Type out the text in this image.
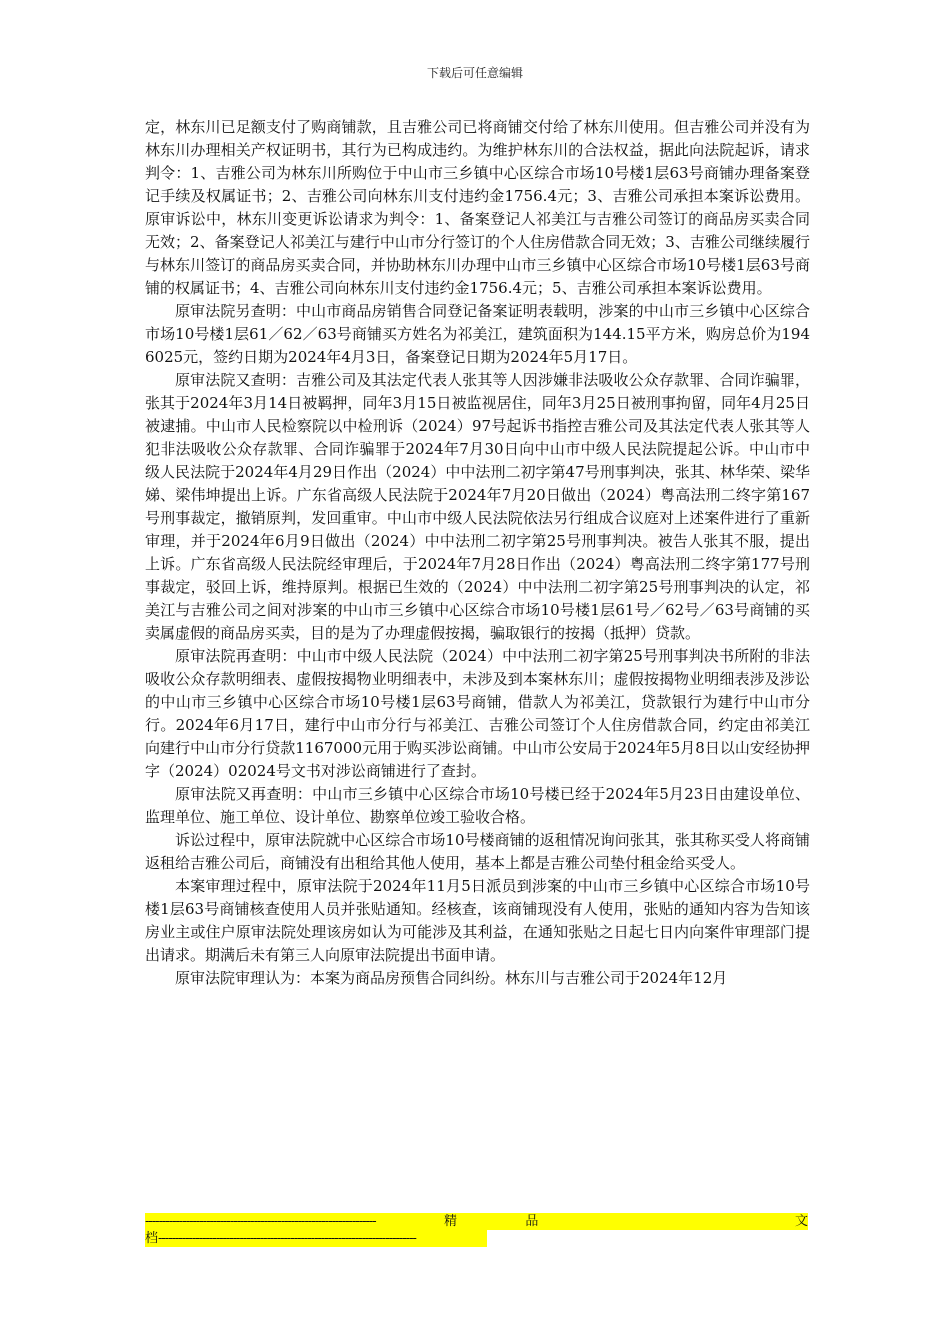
下载后可任意编辑

定，林东川已足额支付了购商铺款，且吉雅公司已将商铺交付给了林东川使用。但吉雅公司并没有为林东川办理相关产权证明书，其行为已构成违约。为维护林东川的合法权益，据此向法院起诉，请求判令：1、吉雅公司为林东川所购位于中山市三乡镇中心区综合市场10号楼1层63号商铺办理备案登记手续及权属证书；2、吉雅公司向林东川支付违约金1756.4元；3、吉雅公司承担本案诉讼费用。原审诉讼中，林东川变更诉讼请求为判令：1、备案登记人祁美江与吉雅公司签订的商品房买卖合同无效；2、备案登记人祁美江与建行中山市分行签订的个人住房借款合同无效；3、吉雅公司继续履行与林东川签订的商品房买卖合同，并协助林东川办理中山市三乡镇中心区综合市场10号楼1层63号商铺的权属证书；4、吉雅公司向林东川支付违约金1756.4元；5、吉雅公司承担本案诉讼费用。

原审法院另查明：中山市商品房销售合同登记备案证明表载明，涉案的中山市三乡镇中心区综合市场10号楼1层61／62／63号商铺买方姓名为祁美江，建筑面积为144.15平方米，购房总价为1946025元，签约日期为2024年4月3日，备案登记日期为2024年5月17日。

原审法院又查明：吉雅公司及其法定代表人张其等人因涉嫌非法吸收公众存款罪、合同诈骗罪，张其于2024年3月14日被羁押，同年3月15日被监视居住，同年3月25日被刑事拘留，同年4月25日被逮捕。中山市人民检察院以中检刑诉（2024）97号起诉书指控吉雅公司及其法定代表人张其等人犯非法吸收公众存款罪、合同诈骗罪于2024年7月30日向中山市中级人民法院提起公诉。中山市中级人民法院于2024年4月29日作出（2024）中中法刑二初字第47号刑事判决，张其、林华荣、梁华娣、梁伟坤提出上诉。广东省高级人民法院于2024年7月20日做出（2024）粤高法刑二终字第167号刑事裁定，撤销原判，发回重审。中山市中级人民法院依法另行组成合议庭对上述案件进行了重新审理，并于2024年6月9日做出（2024）中中法刑二初字第25号刑事判决。被告人张其不服，提出上诉。广东省高级人民法院经审理后，于2024年7月28日作出（2024）粤高法刑二终字第177号刑事裁定，驳回上诉，维持原判。根据已生效的（2024）中中法刑二初字第25号刑事判决的认定，祁美江与吉雅公司之间对涉案的中山市三乡镇中心区综合市场10号楼1层61号／62号／63号商铺的买卖属虚假的商品房买卖，目的是为了办理虚假按揭，骗取银行的按揭（抵押）贷款。

原审法院再查明：中山市中级人民法院（2024）中中法刑二初字第25号刑事判决书所附的非法吸收公众存款明细表、虚假按揭物业明细表中，未涉及到本案林东川；虚假按揭物业明细表涉及涉讼的中山市三乡镇中心区综合市场10号楼1层63号商铺，借款人为祁美江，贷款银行为建行中山市分行。2024年6月17日，建行中山市分行与祁美江、吉雅公司签订个人住房借款合同，约定由祁美江向建行中山市分行贷款1167000元用于购买涉讼商铺。中山市公安局于2024年5月8日以山安经协押字（2024）02024号文书对涉讼商铺进行了查封。

原审法院又再查明：中山市三乡镇中心区综合市场10号楼已经于2024年5月23日由建设单位、监理单位、施工单位、设计单位、勘察单位竣工验收合格。

诉讼过程中，原审法院就中心区综合市场10号楼商铺的返租情况询问张其，张其称买受人将商铺返租给吉雅公司后，商铺没有出租给其他人使用，基本上都是吉雅公司垫付租金给买受人。

本案审理过程中，原审法院于2024年11月5日派员到涉案的中山市三乡镇中心区综合市场10号楼1层63号商铺核查使用人员并张贴通知。经核查，该商铺现没有人使用，张贴的通知内容为告知该房业主或住户原审法院处理该房如认为可能涉及其利益，在通知张贴之日起七日内向案件审理部门提出请求。期满后未有第三人向原审法院提出书面申请。

原审法院审理认为：本案为商品房预售合同纠纷。林东川与吉雅公司于2024年12月

--------------------------------------------------------------------	精	品	文
档----------------------------------------------------------------------------
